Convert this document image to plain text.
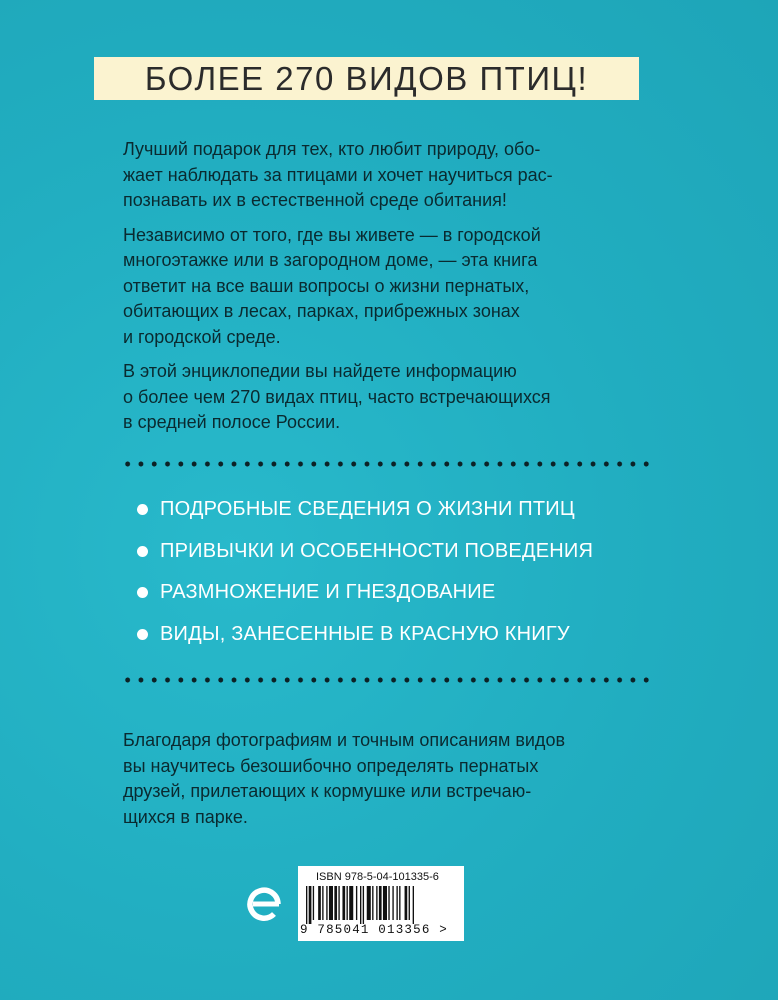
БОЛЕЕ 270 ВИДОВ ПТИЦ!

Лучший подарок для тех, кто любит природу, обо-
жает наблюдать за птицами и хочет научиться рас-
познавать их в естественной среде обитания!

Независимо от того, где вы живете — в городской
многоэтажке или в загородном доме, — эта книга
ответит на все ваши вопросы о жизни пернатых,
обитающих в лесах, парках, прибрежных зонах
и городской среде.

В этой энциклопедии вы найдете информацию
о более чем 270 видах птиц, часто встречающихся
в средней полосе России.

ПОДРОБНЫЕ СВЕДЕНИЯ О ЖИЗНИ ПТИЦ
ПРИВЫЧКИ И ОСОБЕННОСТИ ПОВЕДЕНИЯ
РАЗМНОЖЕНИЕ И ГНЕЗДОВАНИЕ
ВИДЫ, ЗАНЕСЕННЫЕ В КРАСНУЮ КНИГУ
Благодаря фотографиям и точным описаниям видов
вы научитесь безошибочно определять пернатых
друзей, прилетающих к кормушке или встречаю-
щихся в парке.
ISBN 978-5-04-101335-6
9 785041 013356 >
